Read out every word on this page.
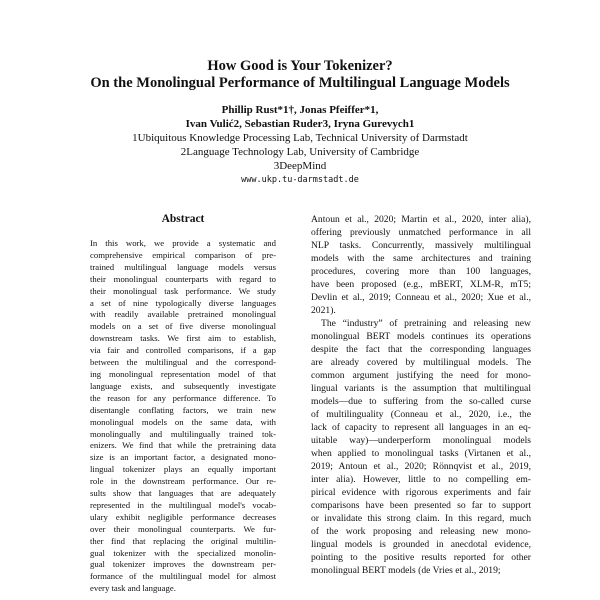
How Good is Your Tokenizer?
On the Monolingual Performance of Multilingual Language Models
Phillip Rust*1†, Jonas Pfeiffer*1,
Ivan Vulić2, Sebastian Ruder3, Iryna Gurevych1
1Ubiquitous Knowledge Processing Lab, Technical University of Darmstadt
2Language Technology Lab, University of Cambridge
3DeepMind
www.ukp.tu-darmstadt.de
Abstract
In this work, we provide a systematic and
comprehensive empirical comparison of pre-
trained multilingual language models versus
their monolingual counterparts with regard to
their monolingual task performance. We study
a set of nine typologically diverse languages
with readily available pretrained monolingual
models on a set of five diverse monolingual
downstream tasks. We first aim to establish,
via fair and controlled comparisons, if a gap
between the multilingual and the correspond-
ing monolingual representation model of that
language exists, and subsequently investigate
the reason for any performance difference. To
disentangle conflating factors, we train new
monolingual models on the same data, with
monolingually and multilingually trained tok-
enizers. We find that while the pretraining data
size is an important factor, a designated mono-
lingual tokenizer plays an equally important
role in the downstream performance. Our re-
sults show that languages that are adequately
represented in the multilingual model's vocab-
ulary exhibit negligible performance decreases
over their monolingual counterparts. We fur-
ther find that replacing the original multilin-
gual tokenizer with the specialized monolin-
gual tokenizer improves the downstream per-
formance of the multilingual model for almost
every task and language.
Antoun et al., 2020; Martin et al., 2020, inter alia),
offering previously unmatched performance in all
NLP tasks. Concurrently, massively multilingual
models with the same architectures and training
procedures, covering more than 100 languages,
have been proposed (e.g., mBERT, XLM-R, mT5;
Devlin et al., 2019; Conneau et al., 2020; Xue et al.,
2021).
The “industry” of pretraining and releasing new
monolingual BERT models continues its operations
despite the fact that the corresponding languages
are already covered by multilingual models. The
common argument justifying the need for mono-
lingual variants is the assumption that multilingual
models—due to suffering from the so-called curse
of multilinguality (Conneau et al., 2020, i.e., the
lack of capacity to represent all languages in an eq-
uitable way)—underperform monolingual models
when applied to monolingual tasks (Virtanen et al.,
2019; Antoun et al., 2020; Rönnqvist et al., 2019,
inter alia). However, little to no compelling em-
pirical evidence with rigorous experiments and fair
comparisons have been presented so far to support
or invalidate this strong claim. In this regard, much
of the work proposing and releasing new mono-
lingual models is grounded in anecdotal evidence,
pointing to the positive results reported for other
monolingual BERT models (de Vries et al., 2019;
